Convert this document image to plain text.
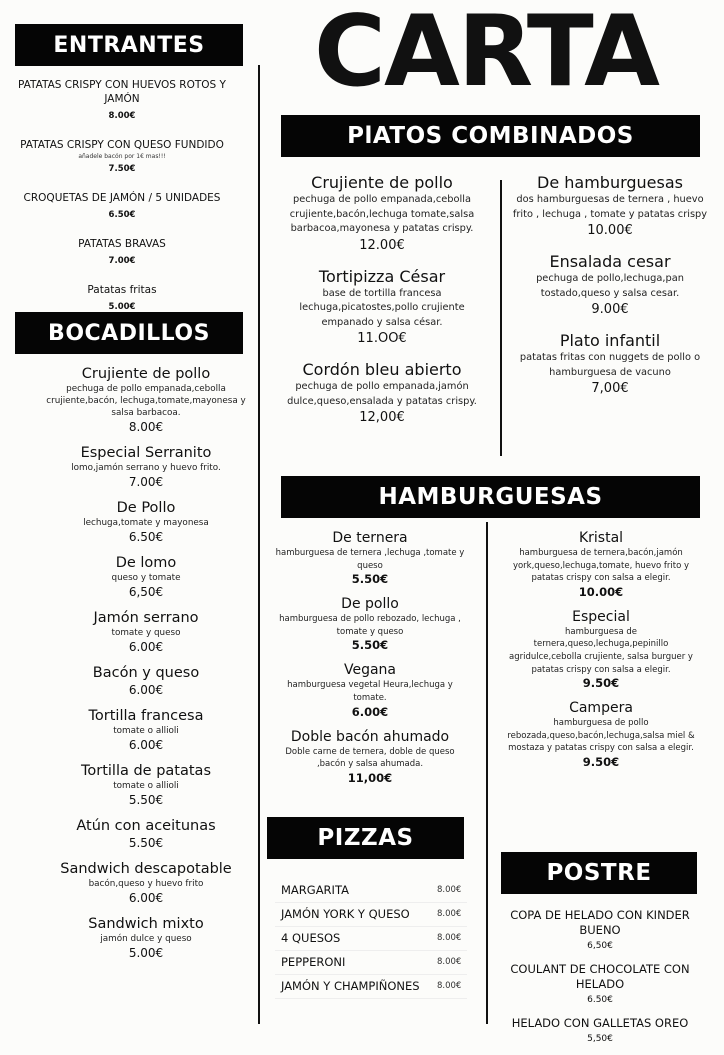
CARTA
ENTRANTES
PATATAS CRISPY CON HUEVOS ROTOS Y JAMÓN
8.00€
PATATAS CRISPY CON QUESO FUNDIDO
añadele bacón por 1€ mas!!!
7.50€
CROQUETAS DE JAMÓN / 5 UNIDADES
6.50€
PATATAS BRAVAS
7.00€
Patatas fritas
5.00€
BOCADILLOS
Crujiente de pollo
pechuga de pollo empanada,cebolla crujiente,bacón, lechuga,tomate,mayonesa y salsa barbacoa.
8.00€
Especial Serranito
lomo,jamón serrano y huevo frito.
7.00€
De Pollo
lechuga,tomate y mayonesa
6.50€
De lomo
queso y tomate
6,50€
Jamón serrano
tomate y queso
6.00€
Bacón y queso
6.00€
Tortilla francesa
tomate o allioli
6.00€
Tortilla de patatas
tomate o allioli
5.50€
Atún con aceitunas
5.50€
Sandwich descapotable
bacón,queso y huevo frito
6.00€
Sandwich mixto
jamón dulce y queso
5.00€
PlATOS COMBINADOS
Crujiente de pollo
pechuga de pollo empanada,cebolla crujiente,bacón,lechuga tomate,salsa barbacoa,mayonesa y patatas crispy.
12.00€
Tortipizza César
base de tortilla francesa lechuga,picatostes,pollo crujiente empanado y salsa césar.
11.OO€
Cordón bleu abierto
pechuga de pollo empanada,jamón dulce,queso,ensalada y patatas crispy.
12,00€
De hamburguesas
dos hamburguesas de ternera , huevo frito , lechuga , tomate y patatas crispy
10.00€
Ensalada cesar
pechuga de pollo,lechuga,pan tostado,queso y salsa cesar.
9.00€
Plato infantil
patatas fritas con nuggets de pollo o hamburguesa de vacuno
7,00€
HAMBURGUESAS
De ternera
hamburguesa de ternera ,lechuga ,tomate y queso
5.50€
De pollo
hamburguesa de pollo rebozado, lechuga , tomate y queso
5.50€
Vegana
hamburguesa vegetal Heura,lechuga y tomate.
6.00€
Doble bacón ahumado
Doble carne de ternera, doble de queso ,bacón y salsa ahumada.
11,00€
Kristal
hamburguesa de ternera,bacón,jamón york,queso,lechuga,tomate, huevo frito y patatas crispy con salsa a elegir.
10.00€
Especial
hamburguesa de ternera,queso,lechuga,pepinillo agridulce,cebolla crujiente, salsa burguer y patatas crispy con salsa a elegir.
9.50€
Campera
hamburguesa de pollo rebozada,queso,bacón,lechuga,salsa miel & mostaza y patatas crispy con salsa a elegir.
9.50€
PIZZAS
MARGARITA	8.00€
JAMÓN YORK Y QUESO	8.00€
4 QUESOS	8.00€
PEPPERONI	8.00€
JAMÓN Y CHAMPIÑONES	8.00€
POSTRE
COPA DE HELADO CON KINDER BUENO
6,50€
COULANT DE CHOCOLATE CON HELADO
6.50€
HELADO CON GALLETAS OREO
5,50€
